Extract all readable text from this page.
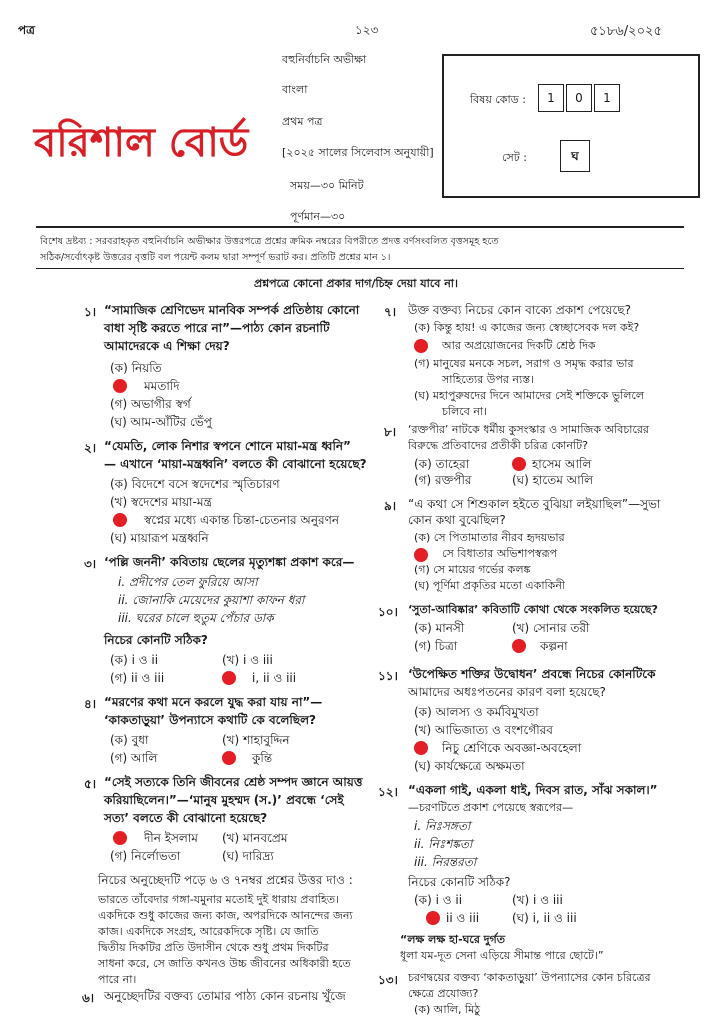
পত্র	১২৩	৫১৮৬/২০২৫
বহুনির্বাচনি অভীক্ষা
বাংলা
প্রথম পত্র
[২০২৫ সালের সিলেবাস অনুযায়ী]
সময়—৩০ মিনিট
পূর্ণমান—৩০
বরিশাল বোর্ড
বিষয় কোড :	1	0	1
সেট :	ঘ
বিশেষ দ্রষ্টব্য : সরবরাহকৃত বহুনির্বাচনি অভীক্ষার উত্তরপত্রে প্রশ্নের ক্রমিক নম্বরের বিপরীতে প্রদত্ত বর্ণসংবলিত বৃত্তসমূহ হতে
সঠিক/সর্বোৎকৃষ্ট উত্তরের বৃত্তটি বল পয়েন্ট কলম দ্বারা সম্পূর্ণ ভরাট কর। প্রতিটি প্রশ্নের মান ১।
প্রশ্নপত্রে কোনো প্রকার দাগ/চিহ্ন দেয়া যাবে না।
১। “সামাজিক শ্রেণিভেদ মানবিক সম্পর্ক প্রতিষ্ঠায় কোনো
বাধা সৃষ্টি করতে পারে না”—পাঠ্য কোন রচনাটি
আমাদেরকে এ শিক্ষা দেয়?
(ক) নিয়তি
মমতাদি
(গ) অভাগীর স্বর্গ
(ঘ) আম-আঁটির ভেঁপু
২। “যেমতি, লোক নিশার স্বপনে শোনে মায়া-মন্ত্র ধ্বনি”
— এখানে ‘মায়া-মন্ত্রধ্বনি’ বলতে কী বোঝানো হয়েছে?
(ক) বিদেশে বসে স্বদেশের স্মৃতিচারণ
(খ) স্বদেশের মায়া-মন্ত্র
স্বপ্নের মধ্যে একান্ত চিন্তা-চেতনার অনুরণন
(ঘ) মায়ারূপ মন্ত্রধ্বনি
৩। ‘পল্লি জননী’ কবিতায় ছেলের মৃত্যুশঙ্কা প্রকাশ করে—
i. প্রদীপের তেল ফুরিয়ে আসা
ii. জোনাকি মেয়েদের কুয়াশা কাফন ধরা
iii. ঘরের চালে হুতুম পেঁচার ডাক
নিচের কোনটি সঠিক?
(ক) i ও ii	(খ) i ও iii
(গ) ii ও iii	i, ii ও iii
৪। “মরণের কথা মনে করলে যুদ্ধ করা যায় না”—
‘কাকতাড়ুয়া’ উপন্যাসে কথাটি কে বলেছিল?
(ক) বুধা	(খ) শাহাবুদ্দিন
(গ) আলি	কুন্তি
৫। “সেই সত্যকে তিনি জীবনের শ্রেষ্ঠ সম্পদ জ্ঞানে আয়ত্ত
করিয়াছিলেন।”—‘মানুষ মুহম্মদ (স.)’ প্রবন্ধে ‘সেই
সত্য’ বলতে কী বোঝানো হয়েছে?
দীন ইসলাম (খ) মানবপ্রেম
(গ) নির্লোভতা	(ঘ) দারিদ্র্য
নিচের অনুচ্ছেদটি পড়ে ৬ ও ৭নম্বর প্রশ্নের উত্তর দাও :
ভারতে তাঁবেদার গঙ্গা-যমুনার মতোই দুই ধারায় প্রবাহিত।
একদিকে শুধু কাজের জন্য কাজ, অপরদিকে আনন্দের জন্য
কাজ। একদিকে সংগ্রহ, আরেকদিকে সৃষ্টি। যে জাতি
দ্বিতীয় দিকটির প্রতি উদাসীন থেকে শুধু প্রথম দিকটির
সাধনা করে, সে জাতি কখনও উচ্চ জীবনের অধিকারী হতে
পারে না।
৬। অনুচ্ছেদটির বক্তব্য তোমার পাঠ্য কোন রচনায় খুঁজে
৭। উক্ত বক্তব্য নিচের কোন বাক্যে প্রকাশ পেয়েছে?
(ক) কিন্তু হায়! এ কাজের জন্য স্বেচ্ছাসেবক দল কই?
আর অপ্রয়োজনের দিকটি শ্রেষ্ঠ দিক
(গ) মানুষের মনকে সচল, সরাগ ও সমৃদ্ধ করার ভার
সাহিত্যের উপর ন্যস্ত।
(ঘ) মহাপুরুষদের দিনে আমাদের সেই শক্তিকে ভুলিলে
চলিবে না।
৮। ‘রক্তপীর’ নাটকে ধর্মীয় কুসংস্কার ও সামাজিক অবিচারের
বিরুদ্ধে প্রতিবাদের প্রতীকী চরিত্র কোনটি?
(ক) তাহেরা	হাসেম আলি
(গ) রক্তপীর	(ঘ) হাতেম আলি
৯। “এ কথা সে শিশুকাল হইতে বুঝিয়া লইয়াছিল”—সুভা
কোন কথা বুঝেছিল?
(ক) সে পিতামাতার নীরব হৃদয়ভার
সে বিধাতার অভিশাপস্বরূপ
(গ) সে মায়ের গর্ভের কলঙ্ক
(ঘ) পূর্ণিমা প্রকৃতির মতো একাকিনী
১০। ‘সুতা-আবিষ্কার’ কবিতাটি কোথা থেকে সংকলিত হয়েছে?
(ক) মানসী	(খ) সোনার তরী
(গ) চিত্রা	কল্পনা
১১। ‘উপেক্ষিত শক্তির উদ্বোধন’ প্রবন্ধে নিচের কোনটিকে
আমাদের অধঃপতনের কারণ বলা হয়েছে?
(ক) আলস্য ও কর্মবিমুখতা
(খ) আভিজাত্য ও বংশগৌরব
নিচু শ্রেণিকে অবজ্ঞা-অবহেলা
(ঘ) কার্যক্ষেত্রে অক্ষমতা
১২। “একলা গাই, একলা ধাই, দিবস রাত, সাঁঝ সকাল।”
—চরণটিতে প্রকাশ পেয়েছে স্বরূপের—
i. নিঃসঙ্গতা
ii. নিঃশঙ্কতা
iii. নিরন্তরতা
নিচের কোনটি সঠিক?
(ক) i ও ii	(খ) i ও iii
ii ও iii	(ঘ) i, ii ও iii
“লক্ষ লক্ষ হা-ঘরে দুর্গত
ধূলা যম-দূত সেনা এড়িয়ে সীমান্ত পারে ছোটে।”
১৩। চরণদ্বয়ের বক্তব্য ‘কাকতাড়ুয়া’ উপন্যাসের কোন চরিত্রের
ক্ষেত্রে প্রযোজ্য?
(ক) আলি, মিঠু
